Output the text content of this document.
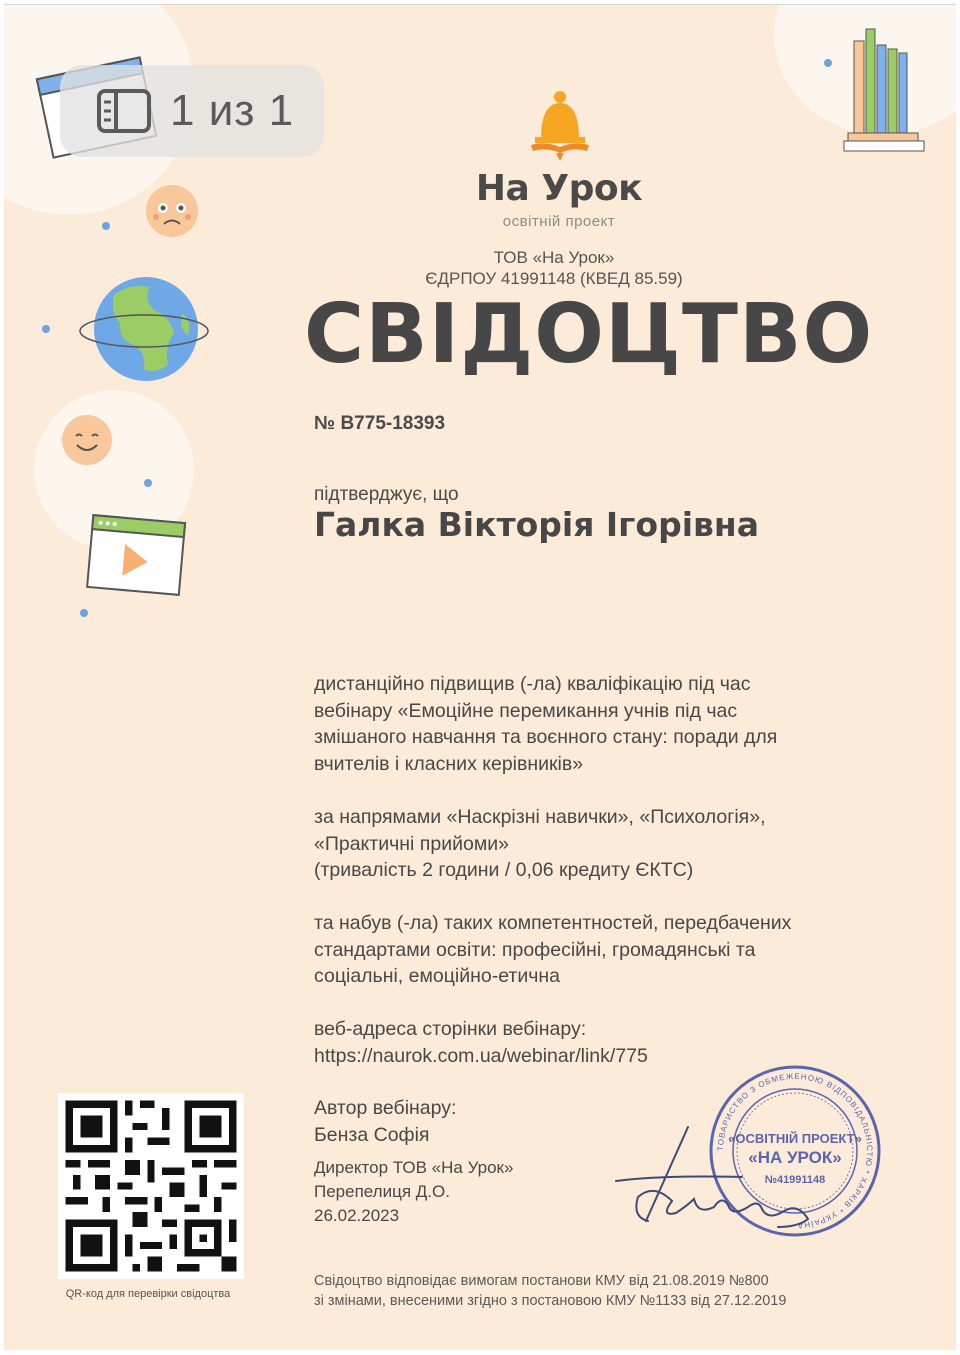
На Урок
освітній проект
ТОВ «На Урок»
ЄДРПОУ 41991148 (КВЕД 85.59)
СВІДОЦТВО
№ В775-18393
підтверджує, що
Галка Вікторія Ігорівна
дистанційно підвищив (-ла) кваліфікацію під час
вебінару «Емоційне перемикання учнів під час
змішаного навчання та воєнного стану: поради для
вчителів і класних керівників»
за напрямами «Наскрізні навички», «Психологія»,
«Практичні прийоми»
(тривалість 2 години / 0,06 кредиту ЄКТС)
та набув (-ла) таких компетентностей, передбачених
стандартами освіти: професійні, громадянські та
соціальні, емоційно-етична
веб-адреса сторінки вебінару:
https://naurok.com.ua/webinar/link/775
Автор вебінару:
Бенза Софія
Директор ТОВ «На Урок»
Перепелиця Д.О.
26.02.2023
ТОВАРИСТВО З ОБМЕЖЕНОЮ ВІДПОВІДАЛЬНІСТЮ * ХАРКІВ * УКРАЇНА
«ОСВІТНІЙ ПРОЕКТ»
«НА УРОК»
№41991148
QR-код для перевірки свідоцтва
Свідоцтво відповідає вимогам постанови КМУ від 21.08.2019 №800
зі змінами, внесеними згідно з постановою КМУ №1133 від 27.12.2019
1 из 1
